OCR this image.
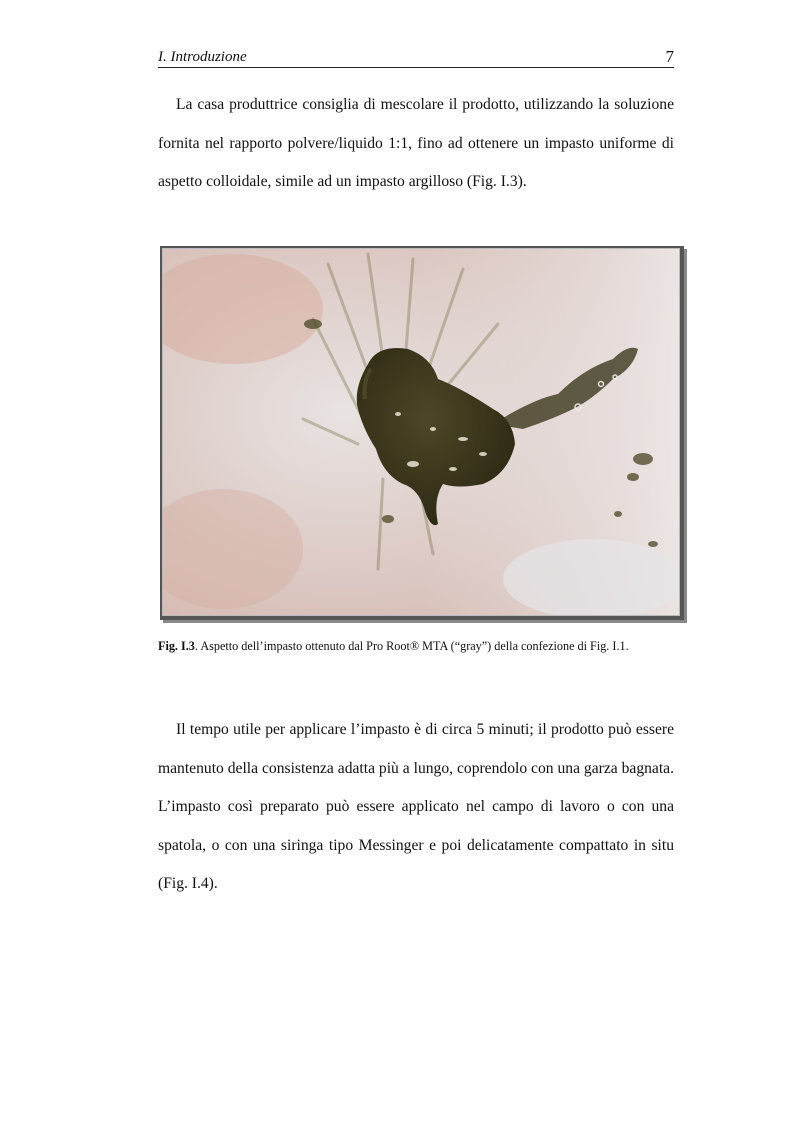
I. Introduzione	7

La casa produttrice consiglia di mescolare il prodotto, utilizzando la soluzione fornita nel rapporto polvere/liquido 1:1, fino ad ottenere un impasto uniforme di aspetto colloidale, simile ad un impasto argilloso (Fig. I.3).

Fig. I.3. Aspetto dell’impasto ottenuto dal Pro Root® MTA (“gray”) della confezione di Fig. I.1.

Il tempo utile per applicare l’impasto è di circa 5 minuti; il prodotto può essere mantenuto della consistenza adatta più a lungo, coprendolo con una garza bagnata. L’impasto così preparato può essere applicato nel campo di lavoro o con una spatola, o con una siringa tipo Messinger e poi delicatamente compattato in situ (Fig. I.4).
